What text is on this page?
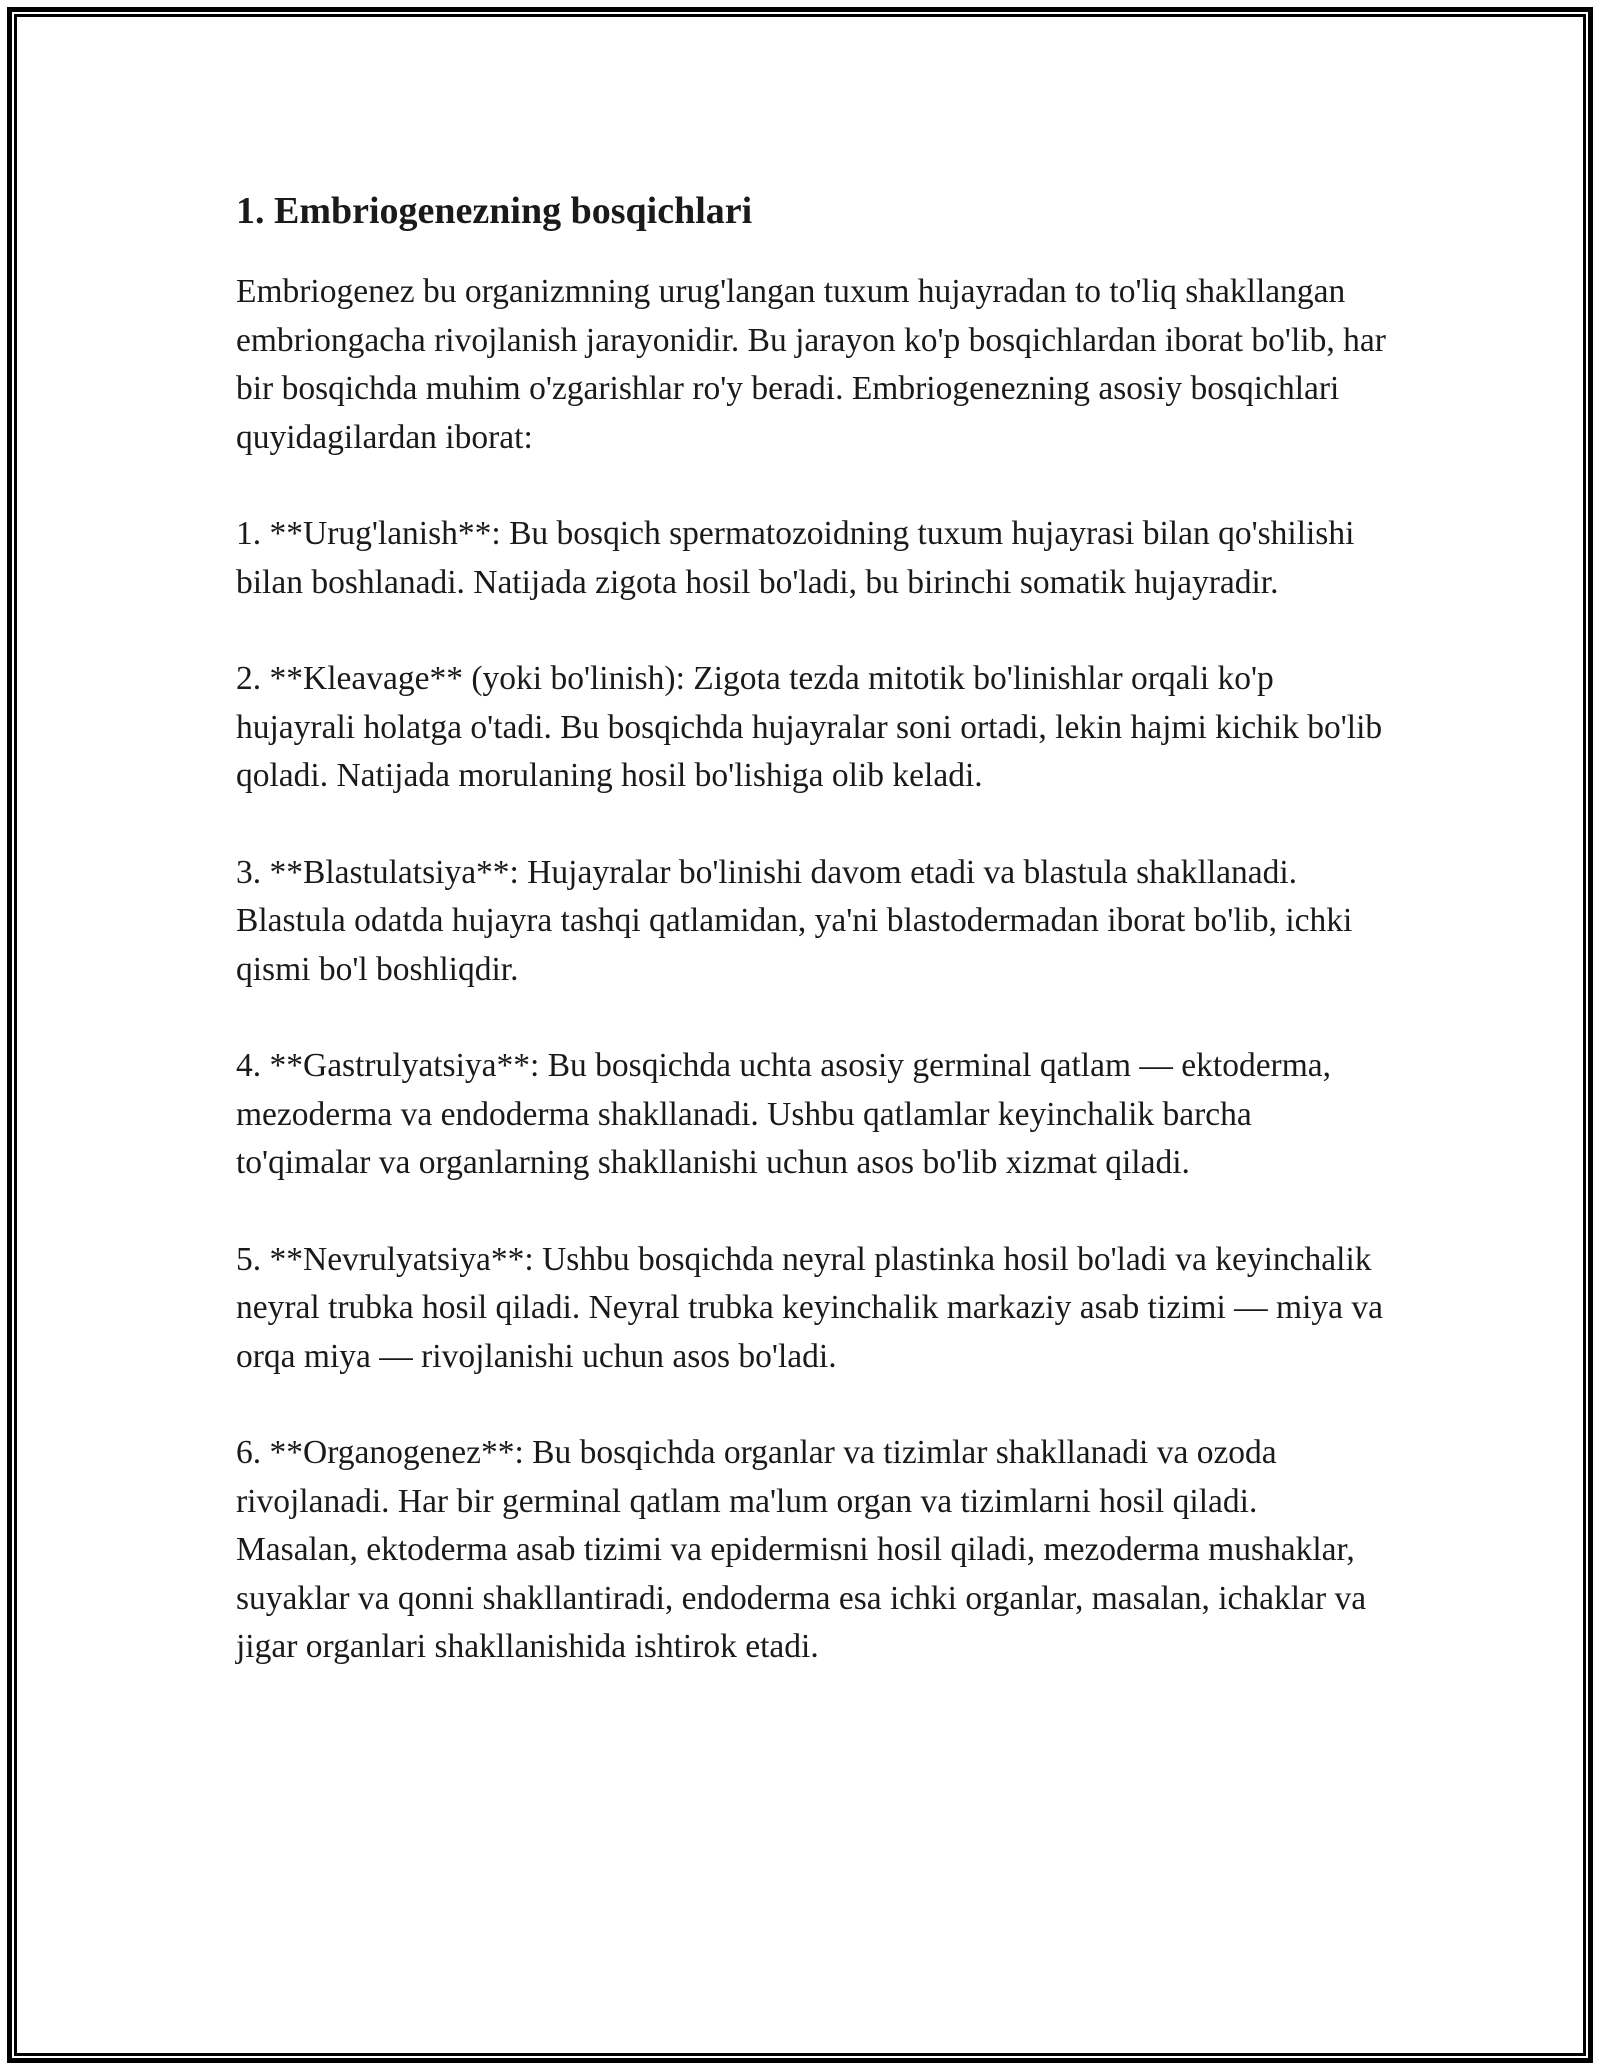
1. Embriogenezning bosqichlari

Embriogenez bu organizmning urug'langan tuxum hujayradan to to'liq shakllangan embriongacha rivojlanish jarayonidir. Bu jarayon ko'p bosqichlardan iborat bo'lib, har bir bosqichda muhim o'zgarishlar ro'y beradi. Embriogenezning asosiy bosqichlari quyidagilardan iborat:

1. **Urug'lanish**: Bu bosqich spermatozoidning tuxum hujayrasi bilan qo'shilishi bilan boshlanadi. Natijada zigota hosil bo'ladi, bu birinchi somatik hujayradir.

2. **Kleavage** (yoki bo'linish): Zigota tezda mitotik bo'linishlar orqali ko'p hujayrali holatga o'tadi. Bu bosqichda hujayralar soni ortadi, lekin hajmi kichik bo'lib qoladi. Natijada morulaning hosil bo'lishiga olib keladi.

3. **Blastulatsiya**: Hujayralar bo'linishi davom etadi va blastula shakllanadi. Blastula odatda hujayra tashqi qatlamidan, ya'ni blastodermadan iborat bo'lib, ichki qismi bo'l boshliqdir.

4. **Gastrulyatsiya**: Bu bosqichda uchta asosiy germinal qatlam — ektoderma, mezoderma va endoderma shakllanadi. Ushbu qatlamlar keyinchalik barcha to'qimalar va organlarning shakllanishi uchun asos bo'lib xizmat qiladi.

5. **Nevrulyatsiya**: Ushbu bosqichda neyral plastinka hosil bo'ladi va keyinchalik neyral trubka hosil qiladi. Neyral trubka keyinchalik markaziy asab tizimi — miya va orqa miya — rivojlanishi uchun asos bo'ladi.

6. **Organogenez**: Bu bosqichda organlar va tizimlar shakllanadi va ozoda rivojlanadi. Har bir germinal qatlam ma'lum organ va tizimlarni hosil qiladi. Masalan, ektoderma asab tizimi va epidermisni hosil qiladi, mezoderma mushaklar, suyaklar va qonni shakllantiradi, endoderma esa ichki organlar, masalan, ichaklar va jigar organlari shakllanishida ishtirok etadi.
